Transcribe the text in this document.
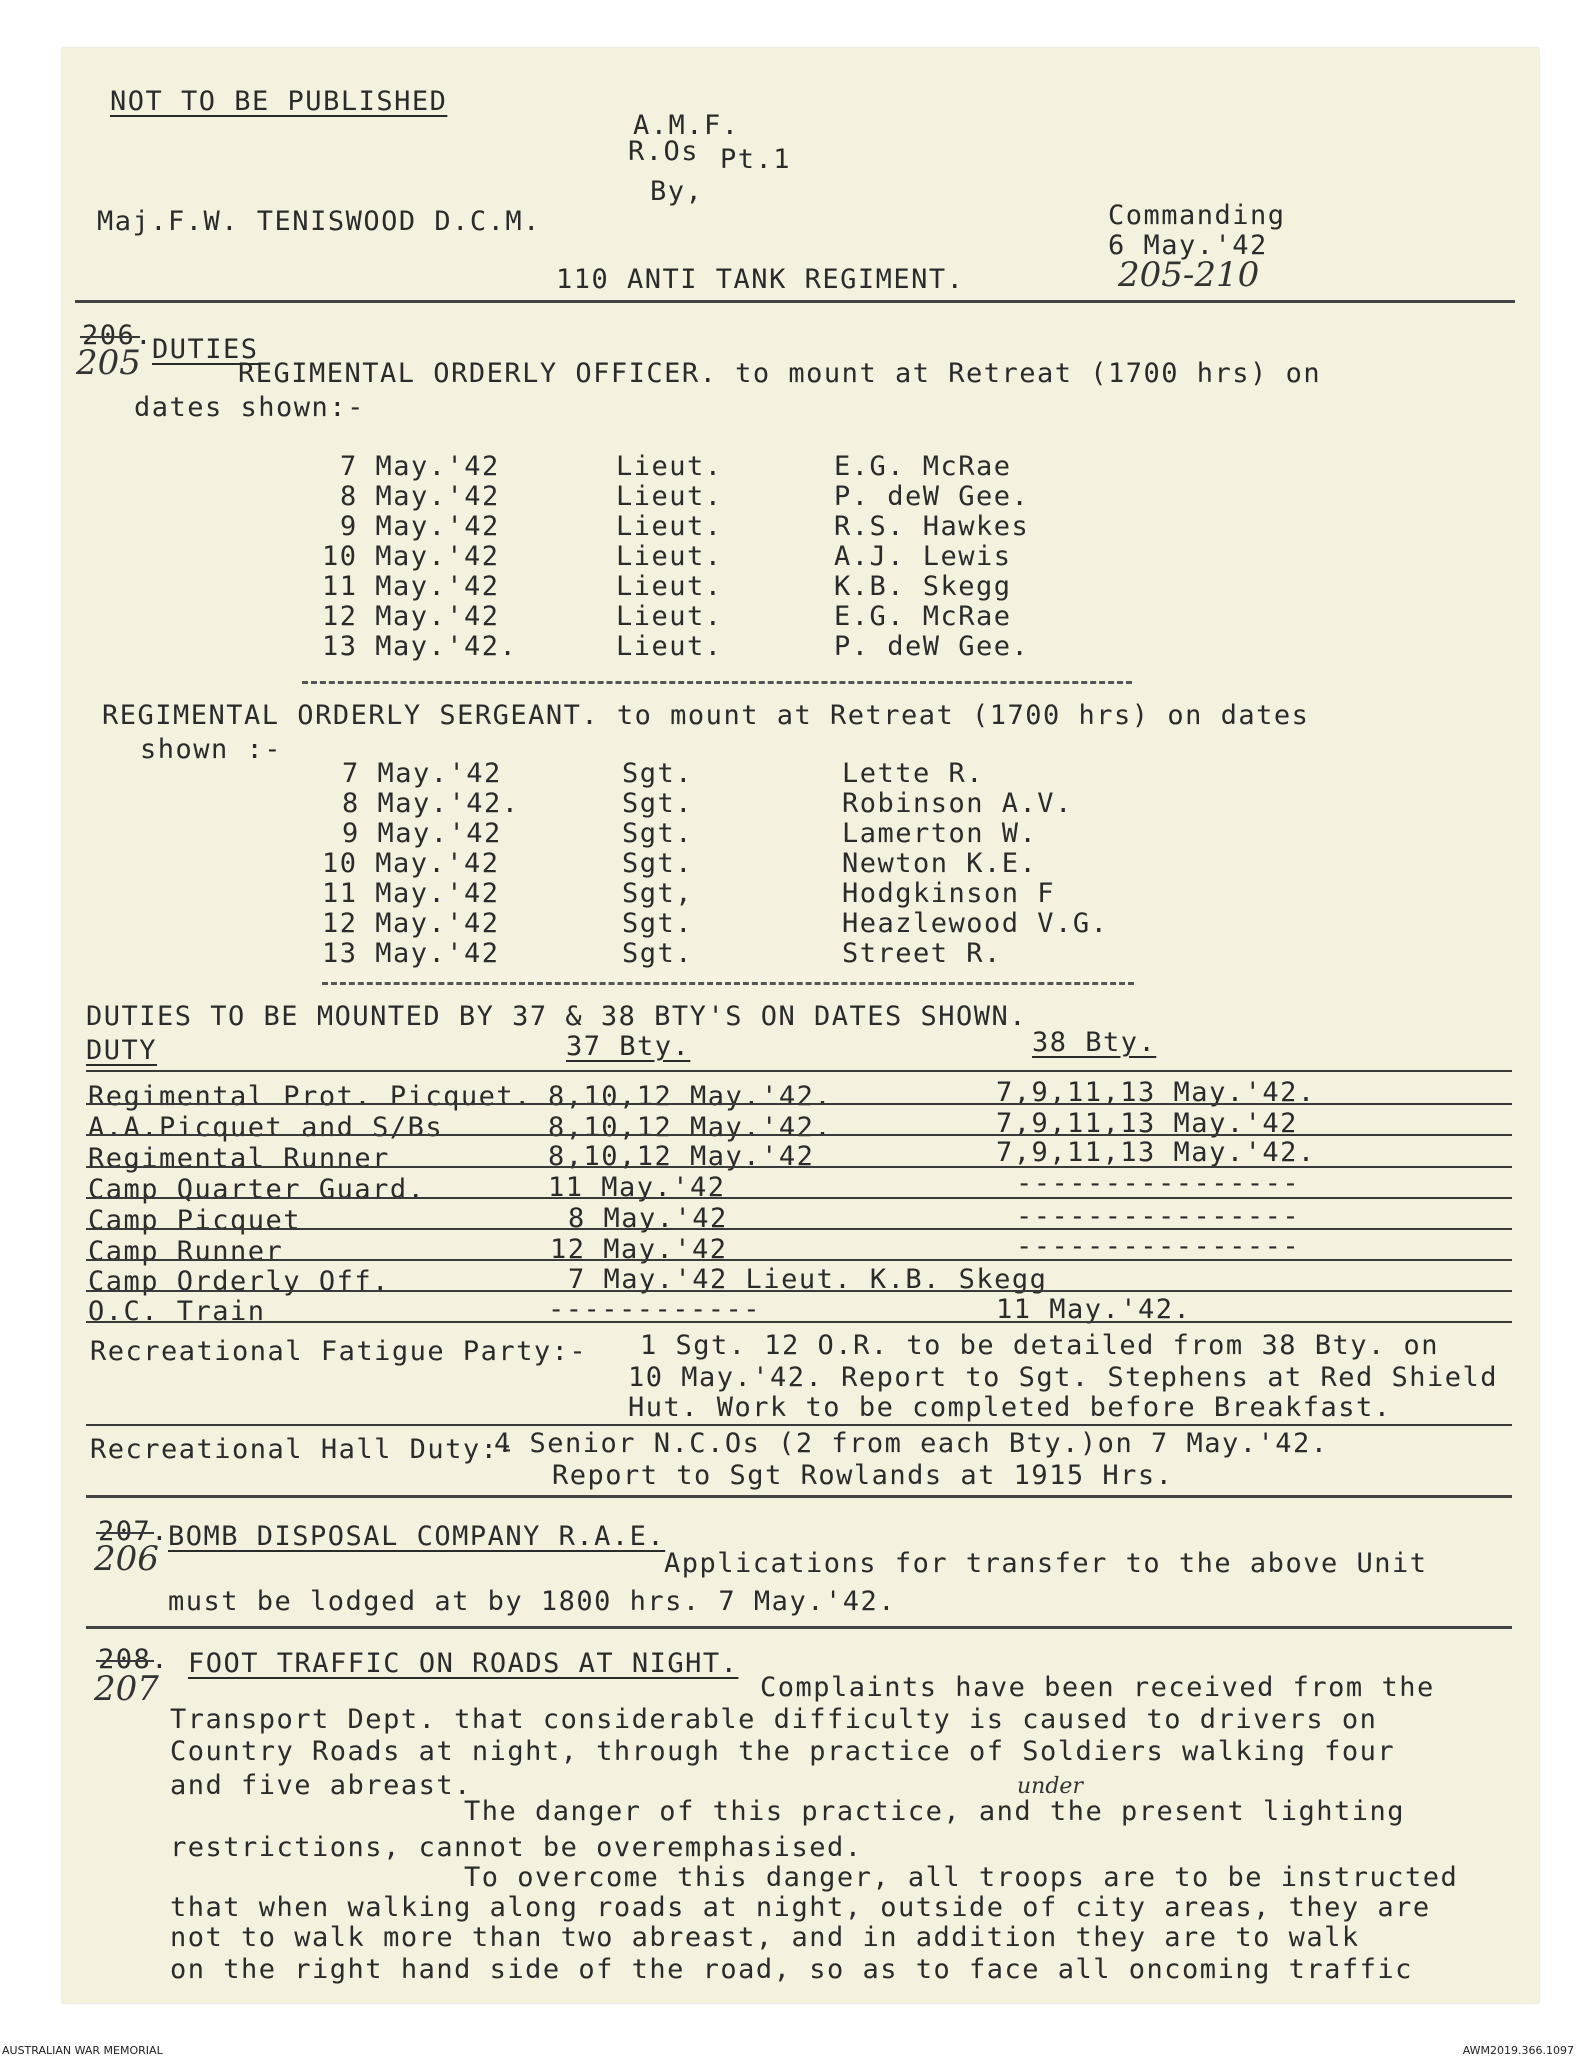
NOT TO BE PUBLISHED
A.M.F.
R.Os Pt.1
By,
Maj.F.W. TENISWOOD D.C.M.	Commanding
6 May.'42
205-210
110 ANTI TANK REGIMENT.
206.
205 DUTIES
REGIMENTAL ORDERLY OFFICER. to mount at Retreat (1700 hrs) on
dates shown:-
7 May.'42	Lieut.	E.G. McRae
8 May.'42	Lieut.	P. deW Gee.
9 May.'42	Lieut.	R.S. Hawkes
10 May.'42	Lieut.	A.J. Lewis
11 May.'42	Lieut.	K.B. Skegg
12 May.'42	Lieut.	E.G. McRae
13 May.'42.	Lieut.	P. deW Gee.
REGIMENTAL ORDERLY SERGEANT. to mount at Retreat (1700 hrs) on dates
shown :-
7 May.'42	Sgt.	Lette R.
8 May.'42.	Sgt.	Robinson A.V.
9 May.'42	Sgt.	Lamerton W.
10 May.'42	Sgt.	Newton K.E.
11 May.'42	Sgt,	Hodgkinson F
12 May.'42	Sgt.	Heazlewood V.G.
13 May.'42	Sgt.	Street R.
DUTIES TO BE MOUNTED BY 37 & 38 BTY'S ON DATES SHOWN.
DUTY	37 Bty.	38 Bty.
Regimental Prot. Picquet. 8,10,12 May.'42.	7,9,11,13 May.'42.
A.A.Picquet and S/Bs	8,10,12 May.'42.	7,9,11,13 May.'42
Regimental Runner	8,10,12 May.'42	7,9,11,13 May.'42.
Camp Quarter Guard.	11 May.'42	----------------
Camp Picquet	8 May.'42	----------------
Camp Runner	12 May.'42	----------------
Camp Orderly Off.	7 May.'42 Lieut. K.B. Skegg
O.C. Train	------------	11 May.'42.
Recreational Fatigue Party:- 1 Sgt. 12 O.R. to be detailed from 38 Bty. on
10 May.'42. Report to Sgt. Stephens at Red Shield
Hut. Work to be completed before Breakfast.
Recreational Hall Duty:-
4 Senior N.C.Os (2 from each Bty.)on 7 May.'42.
Report to Sgt Rowlands at 1915 Hrs.
207.
206
BOMB DISPOSAL COMPANY R.A.E.
Applications for transfer to the above Unit
must be lodged at by 1800 hrs. 7 May.'42.
208.
207
FOOT TRAFFIC ON ROADS AT NIGHT.
Complaints have been received from the
Transport Dept. that considerable difficulty is caused to drivers on
Country Roads at night, through the practice of Soldiers walking four
and five abreast.	under
The danger of this practice, and the present lighting
restrictions, cannot be overemphasised.
To overcome this danger, all troops are to be instructed
that when walking along roads at night, outside of city areas, they are
not to walk more than two abreast, and in addition they are to walk
on the right hand side of the road, so as to face all oncoming traffic
AUSTRALIAN WAR MEMORIAL	AWM2019.366.1097
